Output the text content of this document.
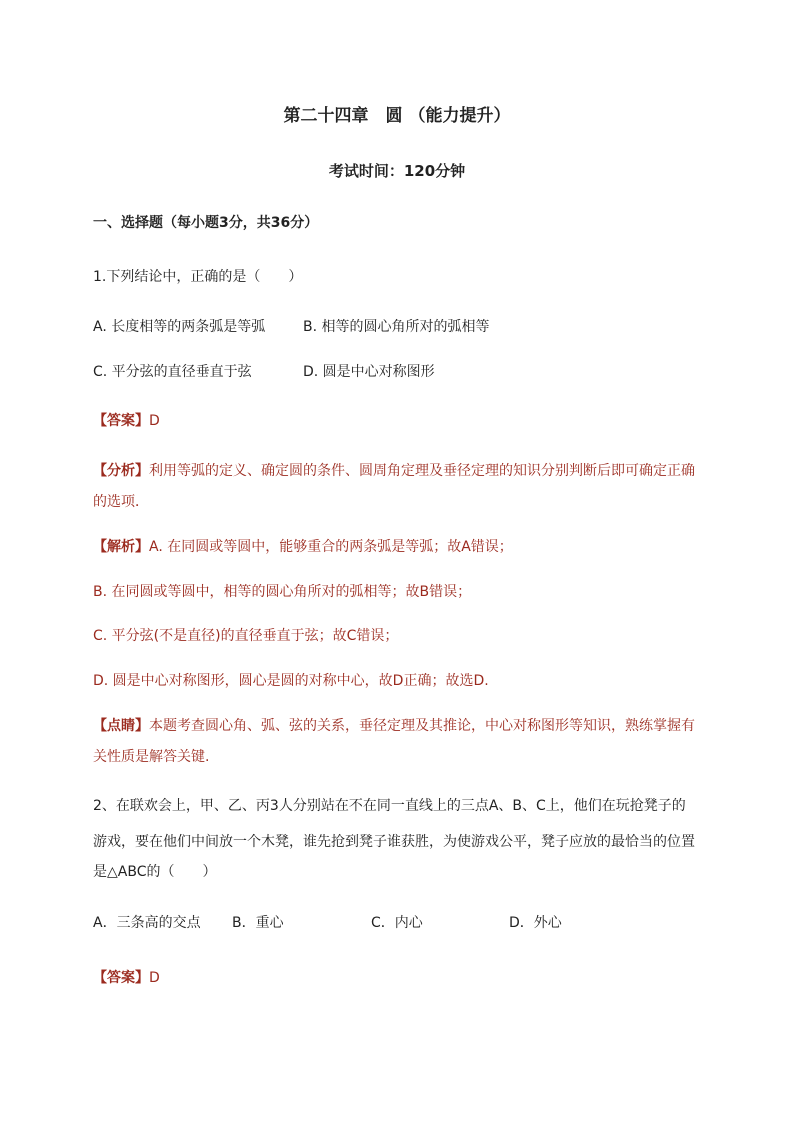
第二十四章　圆 （能力提升）
考试时间：120分钟
一、选择题（每小题3分，共36分）
1.下列结论中，正确的是（　　）
A. 长度相等的两条弧是等弧	B. 相等的圆心角所对的弧相等
C. 平分弦的直径垂直于弦	D. 圆是中心对称图形
【答案】D
【分析】利用等弧的定义、确定圆的条件、圆周角定理及垂径定理的知识分别判断后即可确定正确
的选项．
【解析】A. 在同圆或等圆中，能够重合的两条弧是等弧；故A错误；
B. 在同圆或等圆中，相等的圆心角所对的弧相等；故B错误；
C. 平分弦(不是直径)的直径垂直于弦；故C错误；
D. 圆是中心对称图形，圆心是圆的对称中心，故D正确；故选D.
【点睛】本题考查圆心角、弧、弦的关系，垂径定理及其推论，中心对称图形等知识，熟练掌握有
关性质是解答关键.
2、在联欢会上，甲、乙、丙3人分别站在不在同一直线上的三点A、B、C上，他们在玩抢凳子的
游戏，要在他们中间放一个木凳，谁先抢到凳子谁获胜，为使游戏公平，凳子应放的最恰当的位置
是△ABC的（　　）
A．三条高的交点 B．重心	C．内心	D．外心
【答案】D
